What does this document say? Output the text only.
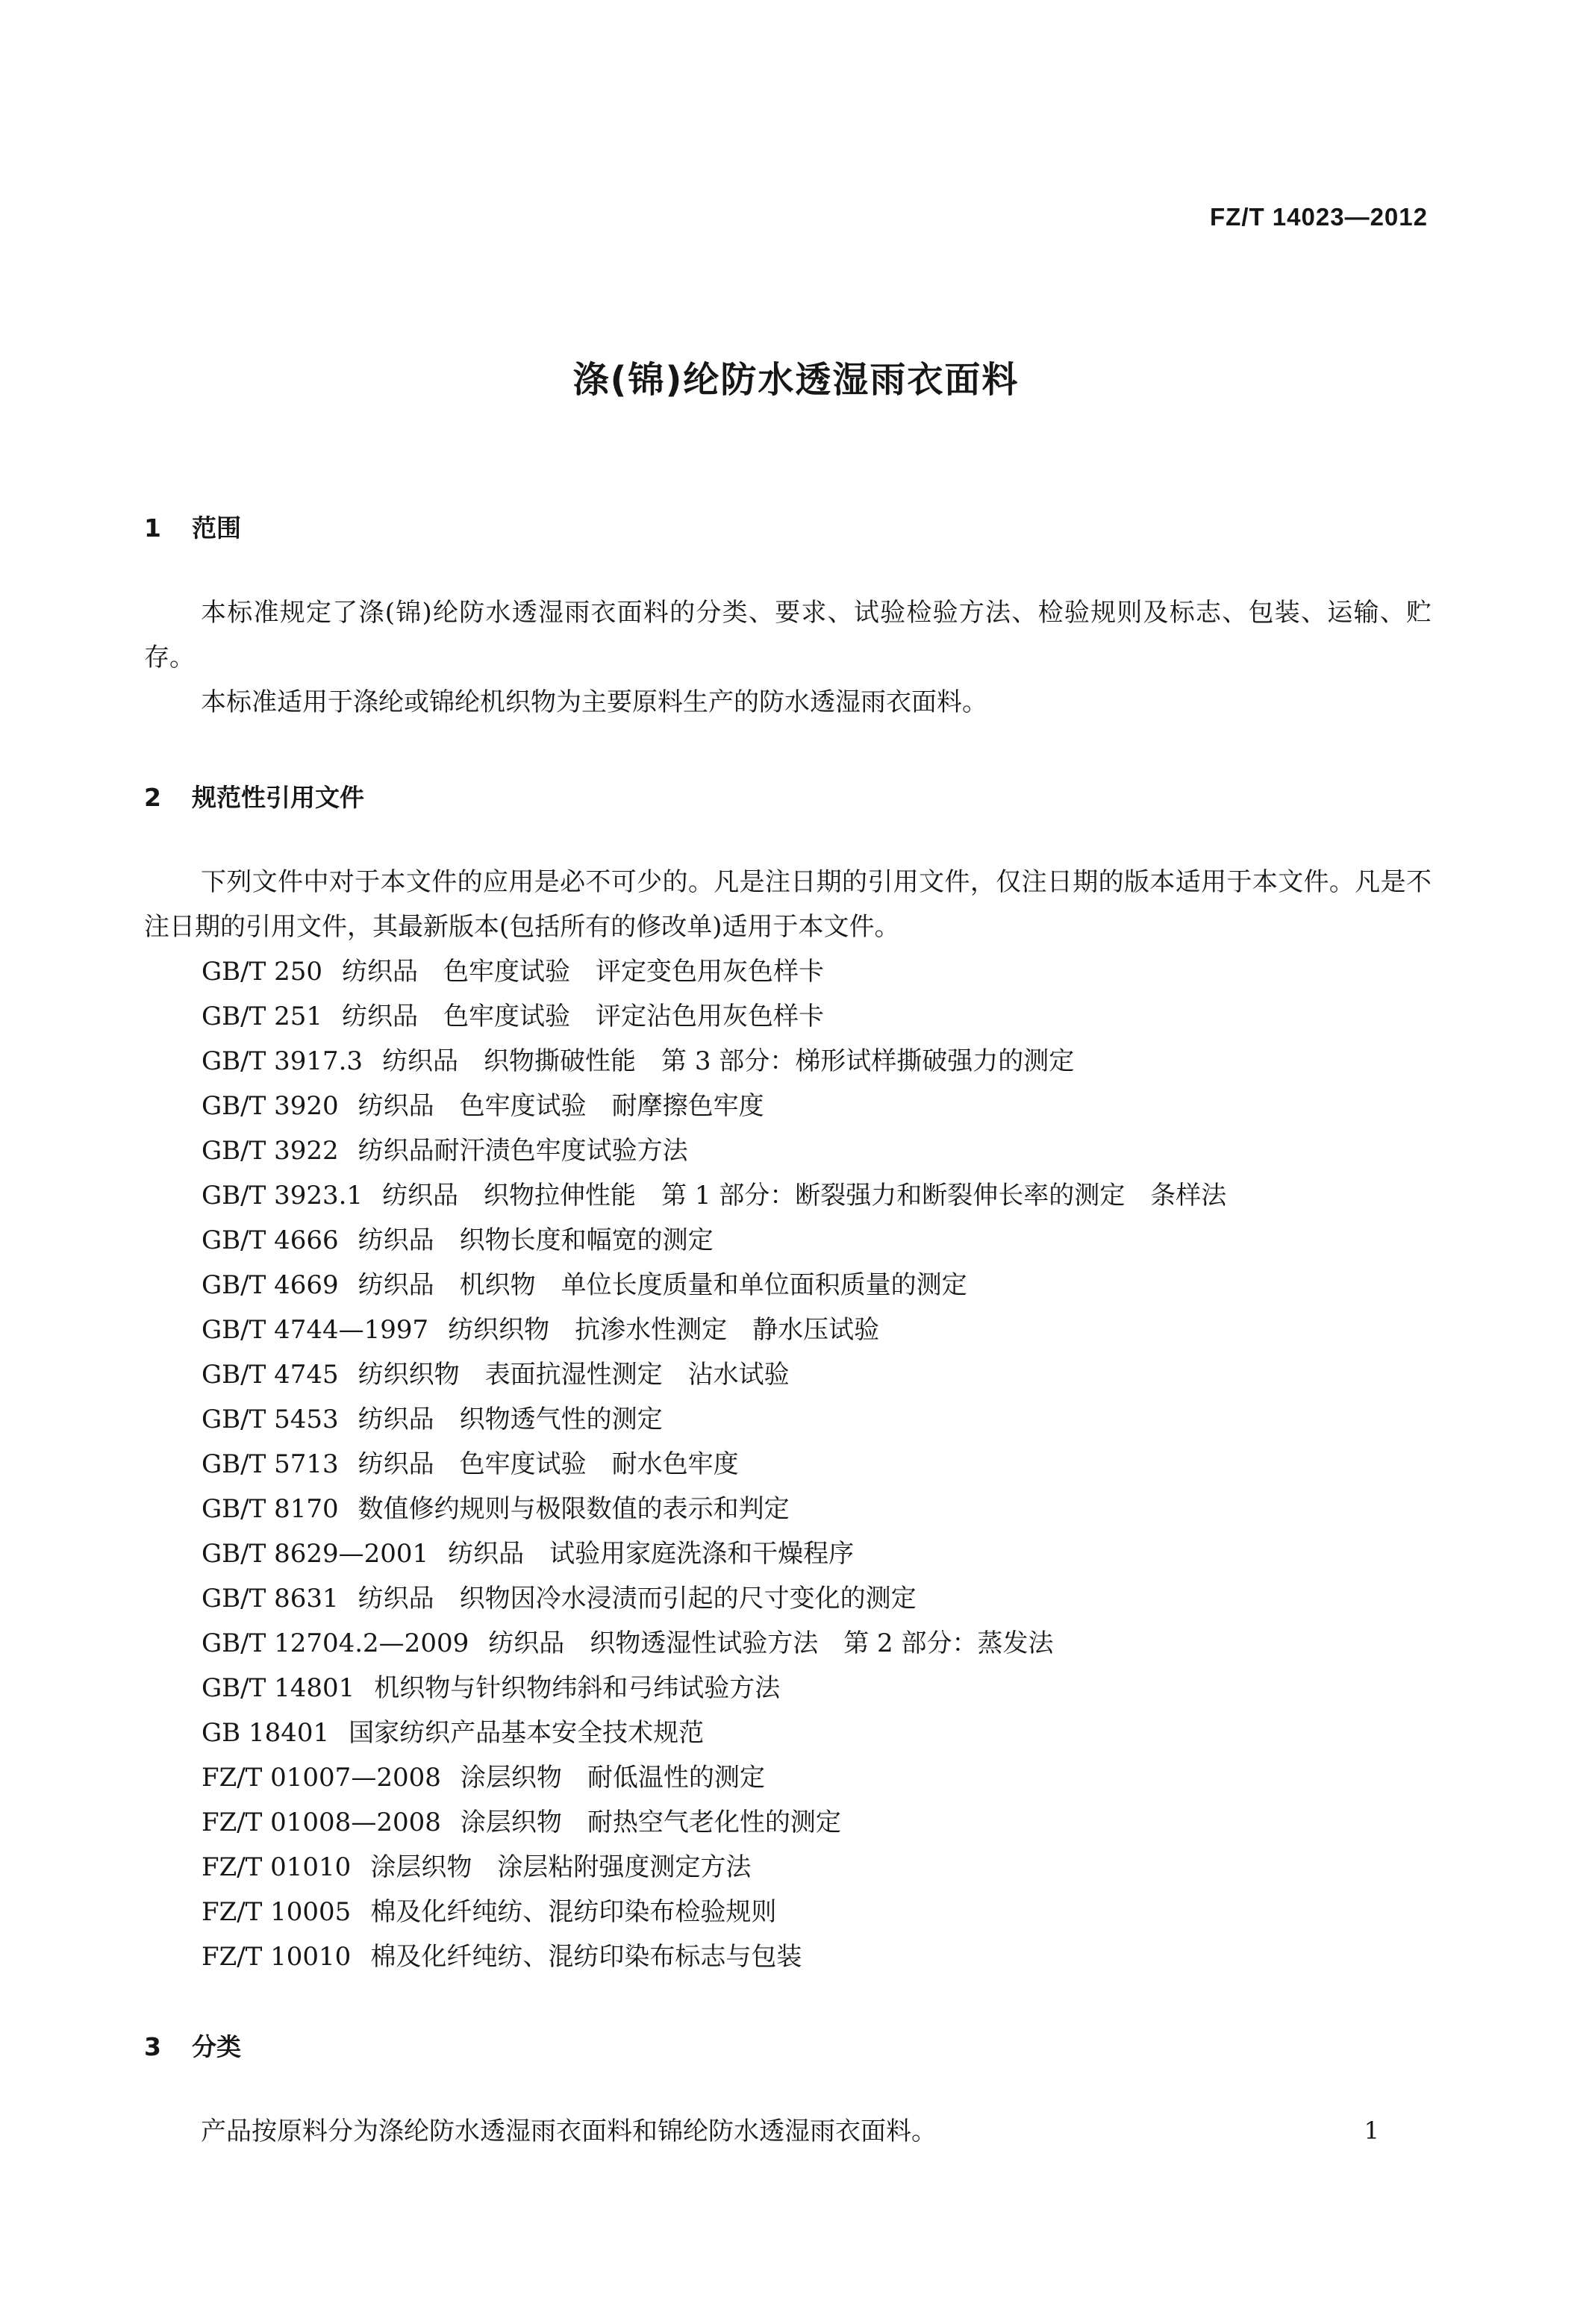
FZ/T 14023—2012
涤(锦)纶防水透湿雨衣面料
1 范围
本标准规定了涤(锦)纶防水透湿雨衣面料的分类、要求、试验检验方法、检验规则及标志、包装、运输、贮存。
本标准适用于涤纶或锦纶机织物为主要原料生产的防水透湿雨衣面料。
2 规范性引用文件
下列文件中对于本文件的应用是必不可少的。凡是注日期的引用文件，仅注日期的版本适用于本文件。凡是不注日期的引用文件，其最新版本(包括所有的修改单)适用于本文件。
GB/T 250 纺织品　色牢度试验　评定变色用灰色样卡
GB/T 251 纺织品　色牢度试验　评定沾色用灰色样卡
GB/T 3917.3 纺织品　织物撕破性能　第 3 部分：梯形试样撕破强力的测定
GB/T 3920 纺织品　色牢度试验　耐摩擦色牢度
GB/T 3922 纺织品耐汗渍色牢度试验方法
GB/T 3923.1 纺织品　织物拉伸性能　第 1 部分：断裂强力和断裂伸长率的测定　条样法
GB/T 4666 纺织品　织物长度和幅宽的测定
GB/T 4669 纺织品　机织物　单位长度质量和单位面积质量的测定
GB/T 4744—1997 纺织织物　抗渗水性测定　静水压试验
GB/T 4745 纺织织物　表面抗湿性测定　沾水试验
GB/T 5453 纺织品　织物透气性的测定
GB/T 5713 纺织品　色牢度试验　耐水色牢度
GB/T 8170 数值修约规则与极限数值的表示和判定
GB/T 8629—2001 纺织品　试验用家庭洗涤和干燥程序
GB/T 8631 纺织品　织物因冷水浸渍而引起的尺寸变化的测定
GB/T 12704.2—2009 纺织品　织物透湿性试验方法　第 2 部分：蒸发法
GB/T 14801 机织物与针织物纬斜和弓纬试验方法
GB 18401 国家纺织产品基本安全技术规范
FZ/T 01007—2008 涂层织物　耐低温性的测定
FZ/T 01008—2008 涂层织物　耐热空气老化性的测定
FZ/T 01010 涂层织物　涂层粘附强度测定方法
FZ/T 10005 棉及化纤纯纺、混纺印染布检验规则
FZ/T 10010 棉及化纤纯纺、混纺印染布标志与包装
3 分类
产品按原料分为涤纶防水透湿雨衣面料和锦纶防水透湿雨衣面料。	1
